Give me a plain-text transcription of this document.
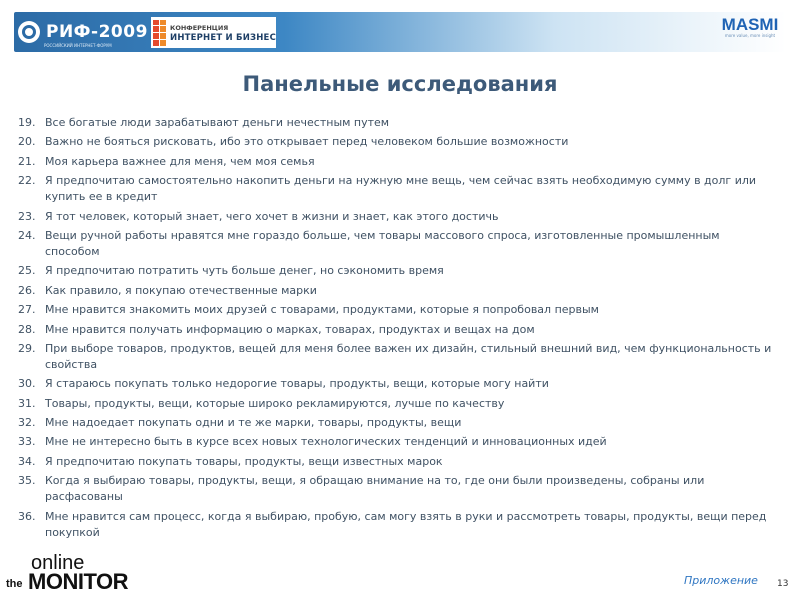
РИФ-2009
РОССИЙСКИЙ ИНТЕРНЕТ-ФОРУМ
КОНФЕРЕНЦИЯ
ИНТЕРНЕТ И БИЗНЕС
MASMI
more value, more insight
Панельные исследования
19. Все богатые люди зарабатывают деньги нечестным путем
20. Важно не бояться рисковать, ибо это открывает перед человеком большие возможности
21. Моя карьера важнее для меня, чем моя семья
22. Я предпочитаю самостоятельно накопить деньги на нужную мне вещь, чем сейчас взять необходимую сумму в долг или купить ее в кредит
23. Я тот человек, который знает, чего хочет в жизни и знает, как этого достичь
24. Вещи ручной работы нравятся мне гораздо больше, чем товары массового спроса, изготовленные промышленным способом
25. Я предпочитаю потратить чуть больше денег, но сэкономить время
26. Как правило, я покупаю отечественные марки
27. Мне нравится знакомить моих друзей с товарами, продуктами, которые я попробовал первым
28. Мне нравится получать информацию о марках, товарах, продуктах и вещах на дом
29. При выборе товаров, продуктов, вещей для меня более важен их дизайн, стильный внешний вид, чем функциональность и свойства
30. Я стараюсь покупать только недорогие товары, продукты, вещи, которые могу найти
31. Товары, продукты, вещи, которые широко рекламируются, лучше по качеству
32. Мне надоедает покупать одни и те же марки, товары, продукты, вещи
33. Мне не интересно быть в курсе всех новых технологических тенденций и инновационных идей
34. Я предпочитаю покупать товары, продукты, вещи известных марок
35. Когда я выбираю товары, продукты, вещи, я обращаю внимание на то, где они были произведены, собраны или расфасованы
36. Мне нравится сам процесс, когда я выбираю, пробую, сам могу взять в руки и рассмотреть товары, продукты, вещи перед покупкой
online
the MONITOR	Приложение 13
